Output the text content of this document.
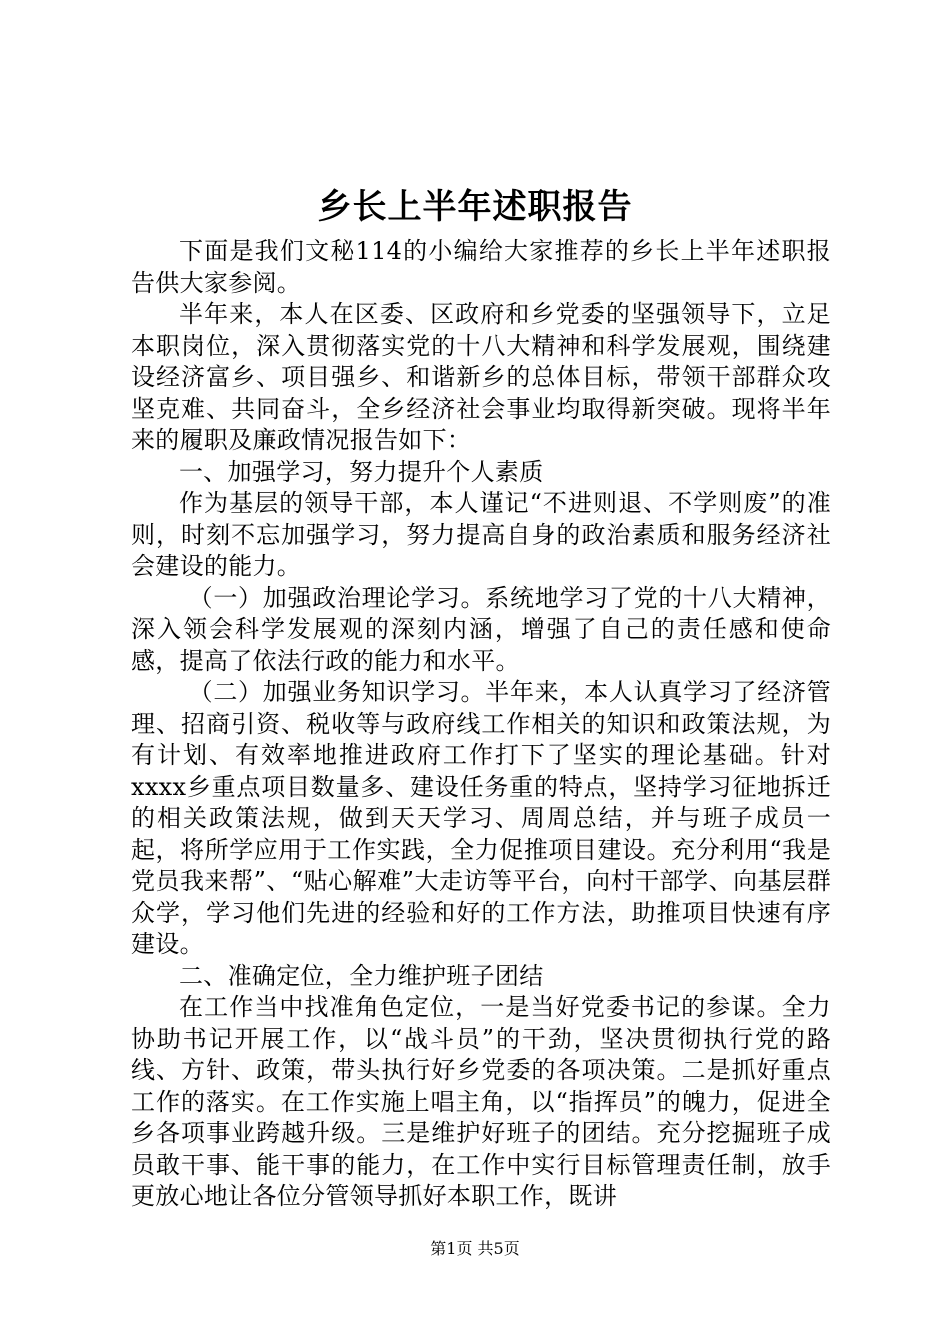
乡长上半年述职报告

下面是我们文秘114的小编给大家推荐的乡长上半年述职报告供大家参阅。

半年来，本人在区委、区政府和乡党委的坚强领导下，立足本职岗位，深入贯彻落实党的十八大精神和科学发展观，围绕建设经济富乡、项目强乡、和谐新乡的总体目标，带领干部群众攻坚克难、共同奋斗，全乡经济社会事业均取得新突破。现将半年来的履职及廉政情况报告如下：

一、加强学习，努力提升个人素质

作为基层的领导干部，本人谨记“不进则退、不学则废”的准则，时刻不忘加强学习，努力提高自身的政治素质和服务经济社会建设的能力。

（一）加强政治理论学习。系统地学习了党的十八大精神，深入领会科学发展观的深刻内涵，增强了自己的责任感和使命感，提高了依法行政的能力和水平。

（二）加强业务知识学习。半年来，本人认真学习了经济管理、招商引资、税收等与政府线工作相关的知识和政策法规，为有计划、有效率地推进政府工作打下了坚实的理论基础。针对xxxx乡重点项目数量多、建设任务重的特点，坚持学习征地拆迁的相关政策法规，做到天天学习、周周总结，并与班子成员一起，将所学应用于工作实践，全力促推项目建设。充分利用“我是党员我来帮”、“贴心解难”大走访等平台，向村干部学、向基层群众学，学习他们先进的经验和好的工作方法，助推项目快速有序建设。

二、准确定位，全力维护班子团结

在工作当中找准角色定位，一是当好党委书记的参谋。全力协助书记开展工作，以“战斗员”的干劲，坚决贯彻执行党的路线、方针、政策，带头执行好乡党委的各项决策。二是抓好重点工作的落实。在工作实施上唱主角，以“指挥员”的魄力，促进全乡各项事业跨越升级。三是维护好班子的团结。充分挖掘班子成员敢干事、能干事的能力，在工作中实行目标管理责任制，放手更放心地让各位分管领导抓好本职工作，既讲

第1页 共5页
